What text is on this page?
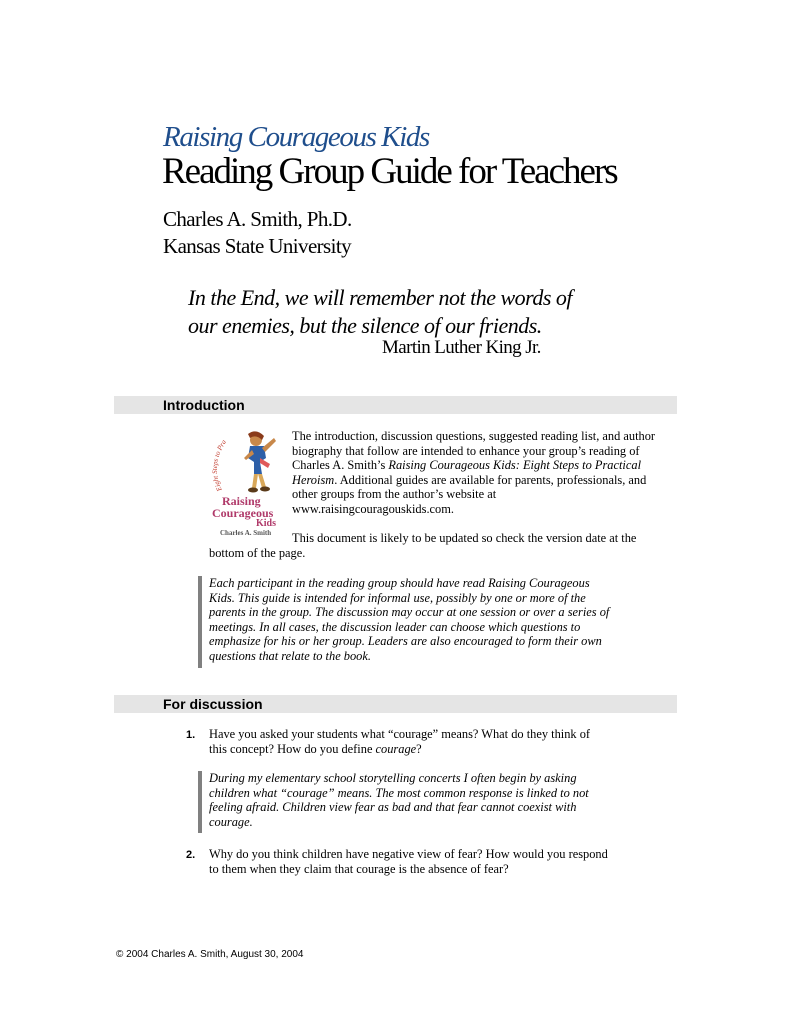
Raising Courageous Kids
Reading Group Guide for Teachers
Charles A. Smith, Ph.D.
Kansas State University
In the End, we will remember not the words of
our enemies, but the silence of our friends.
Martin Luther King Jr.
Introduction
Eight Steps to Pra
Raising
Courageous
Kids
Charles A. Smith
The introduction, discussion questions, suggested reading list, and author
biography that follow are intended to enhance your group’s reading of
Charles A. Smith’s Raising Courageous Kids: Eight Steps to Practical
Heroism. Additional guides are available for parents, professionals, and
other groups from the author’s website at
www.raisingcouragouskids.com.
This document is likely to be updated so check the version date at the
bottom of the page.
Each participant in the reading group should have read Raising Courageous
Kids. This guide is intended for informal use, possibly by one or more of the
parents in the group. The discussion may occur at one session or over a series of
meetings. In all cases, the discussion leader can choose which questions to
emphasize for his or her group. Leaders are also encouraged to form their own
questions that relate to the book.
For discussion
1. Have you asked your students what “courage” means? What do they think of
this concept? How do you define courage?
During my elementary school storytelling concerts I often begin by asking
children what “courage” means. The most common response is linked to not
feeling afraid. Children view fear as bad and that fear cannot coexist with
courage.
2. Why do you think children have negative view of fear? How would you respond
to them when they claim that courage is the absence of fear?
© 2004 Charles A. Smith, August 30, 2004
